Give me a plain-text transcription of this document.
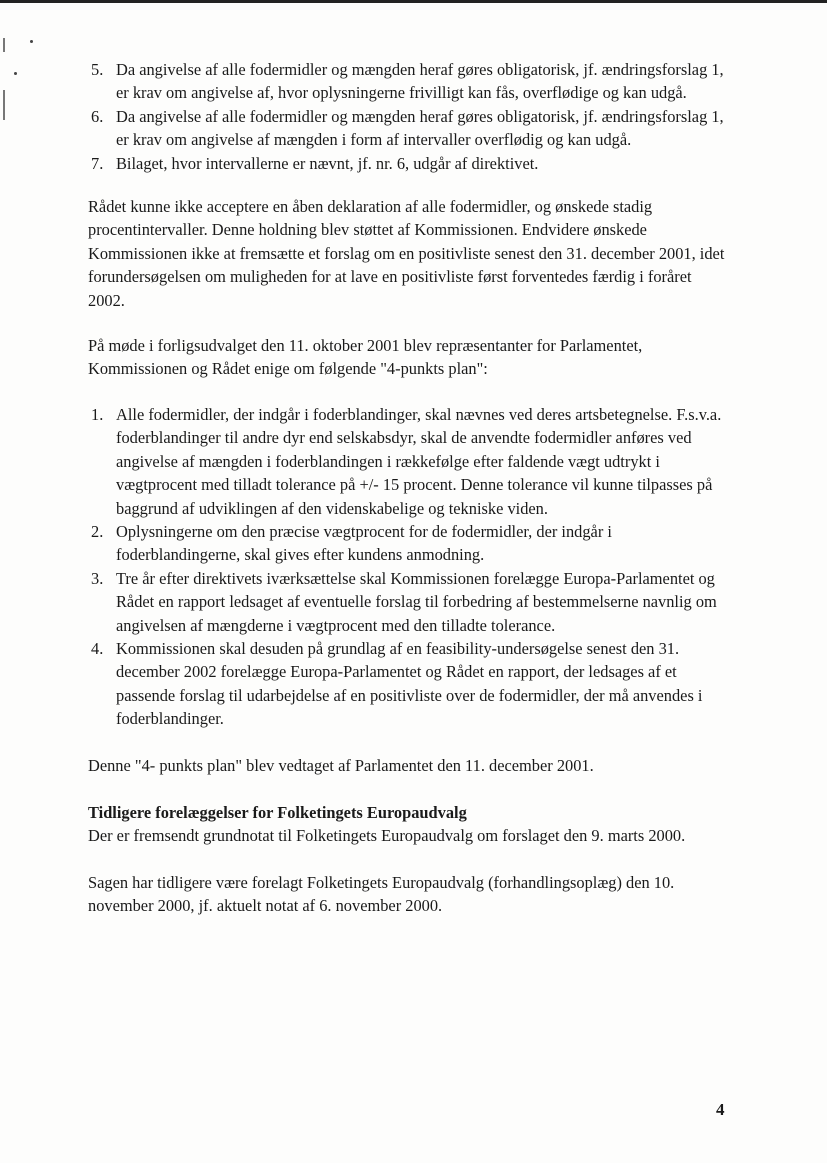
5. Da angivelse af alle fodermidler og mængden heraf gøres obligatorisk, jf. ændringsforslag 1, er krav om angivelse af, hvor oplysningerne frivilligt kan fås, overflødige og kan udgå.
6. Da angivelse af alle fodermidler og mængden heraf gøres obligatorisk, jf. ændringsforslag 1, er krav om angivelse af mængden i form af intervaller overflødig og kan udgå.
7. Bilaget, hvor intervallerne er nævnt, jf. nr. 6, udgår af direktivet.

Rådet kunne ikke acceptere en åben deklaration af alle fodermidler, og ønskede stadig procentintervaller. Denne holdning blev støttet af Kommissionen. Endvidere ønskede Kommissionen ikke at fremsætte et forslag om en positivliste senest den 31. december 2001, idet forundersøgelsen om muligheden for at lave en positivliste først forventedes færdig i foråret 2002.

På møde i forligsudvalget den 11. oktober 2001 blev repræsentanter for Parlamentet, Kommissionen og Rådet enige om følgende "4-punkts plan":

1. Alle fodermidler, der indgår i foderblandinger, skal nævnes ved deres artsbetegnelse. F.s.v.a. foderblandinger til andre dyr end selskabsdyr, skal de anvendte fodermidler anføres ved angivelse af mængden i foderblandingen i rækkefølge efter faldende vægt udtrykt i vægtprocent med tilladt tolerance på +/- 15 procent. Denne tolerance vil kunne tilpasses på baggrund af udviklingen af den videnskabelige og tekniske viden.
2. Oplysningerne om den præcise vægtprocent for de fodermidler, der indgår i foderblandingerne, skal gives efter kundens anmodning.
3. Tre år efter direktivets iværksættelse skal Kommissionen forelægge Europa-Parlamentet og Rådet en rapport ledsaget af eventuelle forslag til forbedring af bestemmelserne navnlig om angivelsen af mængderne i vægtprocent med den tilladte tolerance.
4. Kommissionen skal desuden på grundlag af en feasibility-undersøgelse senest den 31. december 2002 forelægge Europa-Parlamentet og Rådet en rapport, der ledsages af et passende forslag til udarbejdelse af en positivliste over de fodermidler, der må anvendes i foderblandinger.

Denne "4- punkts plan" blev vedtaget af Parlamentet den 11. december 2001.

Tidligere forelæggelser for Folketingets Europaudvalg

Der er fremsendt grundnotat til Folketingets Europaudvalg om forslaget den 9. marts 2000.

Sagen har tidligere være forelagt Folketingets Europaudvalg (forhandlingsoplæg) den 10. november 2000, jf. aktuelt notat af 6. november 2000.

4
